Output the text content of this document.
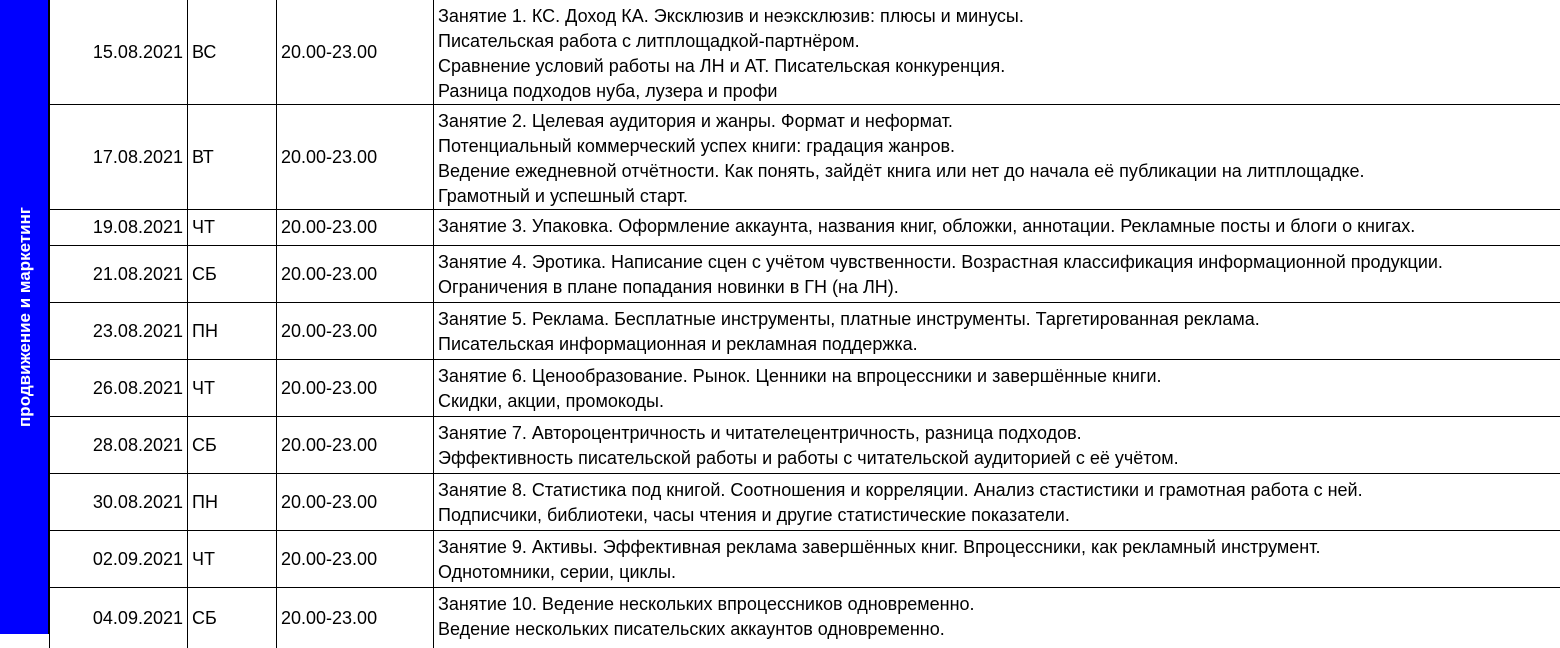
продвижение и маркетинг
15.08.2021	ВС	20.00-23.00	Занятие 1. КС. Доход КА. Эксклюзив и неэксклюзив: плюсы и минусы.
Писательская работа с литплощадкой-партнёром.
Сравнение условий работы на ЛН и АТ. Писательская конкуренция.
Разница подходов нуба, лузера и профи

17.08.2021	ВТ	20.00-23.00	Занятие 2. Целевая аудитория и жанры. Формат и неформат.
Потенциальный коммерческий успех книги: градация жанров.
Ведение ежедневной отчётности. Как понять, зайдёт книга или нет до начала её публикации на литплощадке.
Грамотный и успешный старт.

19.08.2021	ЧТ	20.00-23.00	Занятие 3. Упаковка. Оформление аккаунта, названия книг, обложки, аннотации. Рекламные посты и блоги о книгах.

21.08.2021	СБ	20.00-23.00	Занятие 4. Эротика. Написание сцен с учётом чувственности. Возрастная классификация информационной продукции.
Ограничения в плане попадания новинки в ГН (на ЛН).

23.08.2021	ПН	20.00-23.00	Занятие 5. Реклама. Бесплатные инструменты, платные инструменты. Таргетированная реклама.
Писательская информационная и рекламная поддержка.

26.08.2021	ЧТ	20.00-23.00	Занятие 6. Ценообразование. Рынок. Ценники на впроцессники и завершённые книги.
Скидки, акции, промокоды.

28.08.2021	СБ	20.00-23.00	Занятие 7. Автороцентричность и читателецентричность, разница подходов.
Эффективность писательской работы и работы с читательской аудиторией с её учётом.

30.08.2021	ПН	20.00-23.00	Занятие 8. Статистика под книгой. Соотношения и корреляции. Анализ стастистики и грамотная работа с ней.
Подписчики, библиотеки, часы чтения и другие статистические показатели.

02.09.2021	ЧТ	20.00-23.00	Занятие 9. Активы. Эффективная реклама завершённых книг. Впроцессники, как рекламный инструмент.
Однотомники, серии, циклы.

04.09.2021	СБ	20.00-23.00	Занятие 10. Ведение нескольких впроцессников одновременно.
Ведение нескольких писательских аккаунтов одновременно.
